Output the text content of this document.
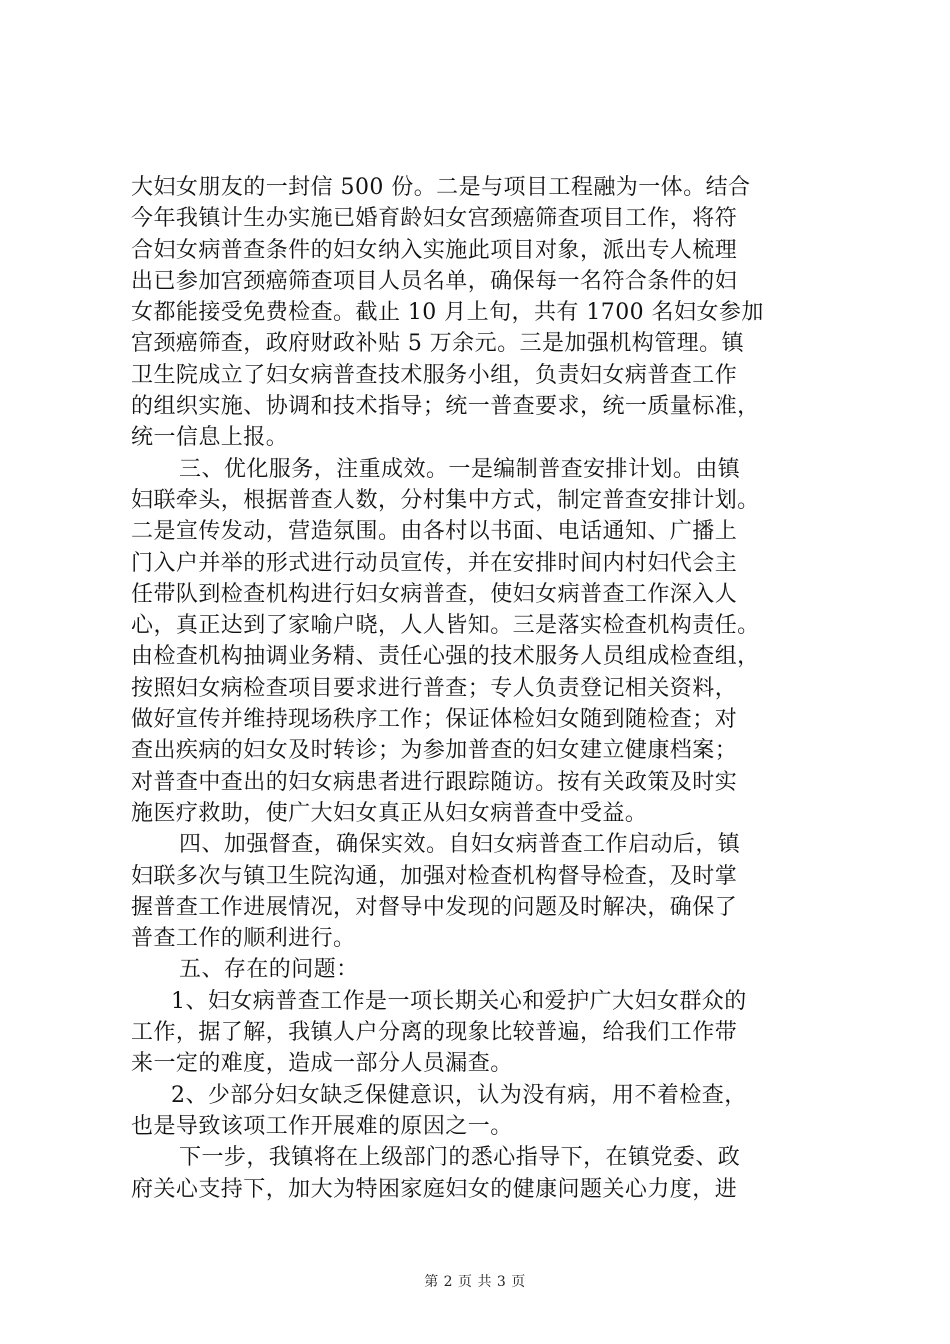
大妇女朋友的一封信 500 份。二是与项目工程融为一体。结合
今年我镇计生办实施已婚育龄妇女宫颈癌筛查项目工作，将符
合妇女病普查条件的妇女纳入实施此项目对象，派出专人梳理
出已参加宫颈癌筛查项目人员名单，确保每一名符合条件的妇
女都能接受免费检查。截止 10 月上旬，共有 1700 名妇女参加
宫颈癌筛查，政府财政补贴 5 万余元。三是加强机构管理。镇
卫生院成立了妇女病普查技术服务小组，负责妇女病普查工作
的组织实施、协调和技术指导；统一普查要求，统一质量标准，
统一信息上报。
三、优化服务，注重成效。一是编制普查安排计划。由镇
妇联牵头，根据普查人数，分村集中方式，制定普查安排计划。
二是宣传发动，营造氛围。由各村以书面、电话通知、广播上
门入户并举的形式进行动员宣传，并在安排时间内村妇代会主
任带队到检查机构进行妇女病普查，使妇女病普查工作深入人
心，真正达到了家喻户晓，人人皆知。三是落实检查机构责任。
由检查机构抽调业务精、责任心强的技术服务人员组成检查组，
按照妇女病检查项目要求进行普查；专人负责登记相关资料，
做好宣传并维持现场秩序工作；保证体检妇女随到随检查；对
查出疾病的妇女及时转诊；为参加普查的妇女建立健康档案；
对普查中查出的妇女病患者进行跟踪随访。按有关政策及时实
施医疗救助，使广大妇女真正从妇女病普查中受益。
四、加强督查，确保实效。自妇女病普查工作启动后，镇
妇联多次与镇卫生院沟通，加强对检查机构督导检查，及时掌
握普查工作进展情况，对督导中发现的问题及时解决，确保了
普查工作的顺利进行。
五、存在的问题：
1、妇女病普查工作是一项长期关心和爱护广大妇女群众的
工作，据了解，我镇人户分离的现象比较普遍，给我们工作带
来一定的难度，造成一部分人员漏查。
2、少部分妇女缺乏保健意识，认为没有病，用不着检查，
也是导致该项工作开展难的原因之一。
下一步，我镇将在上级部门的悉心指导下，在镇党委、政
府关心支持下，加大为特困家庭妇女的健康问题关心力度，进
第 2 页 共 3 页
